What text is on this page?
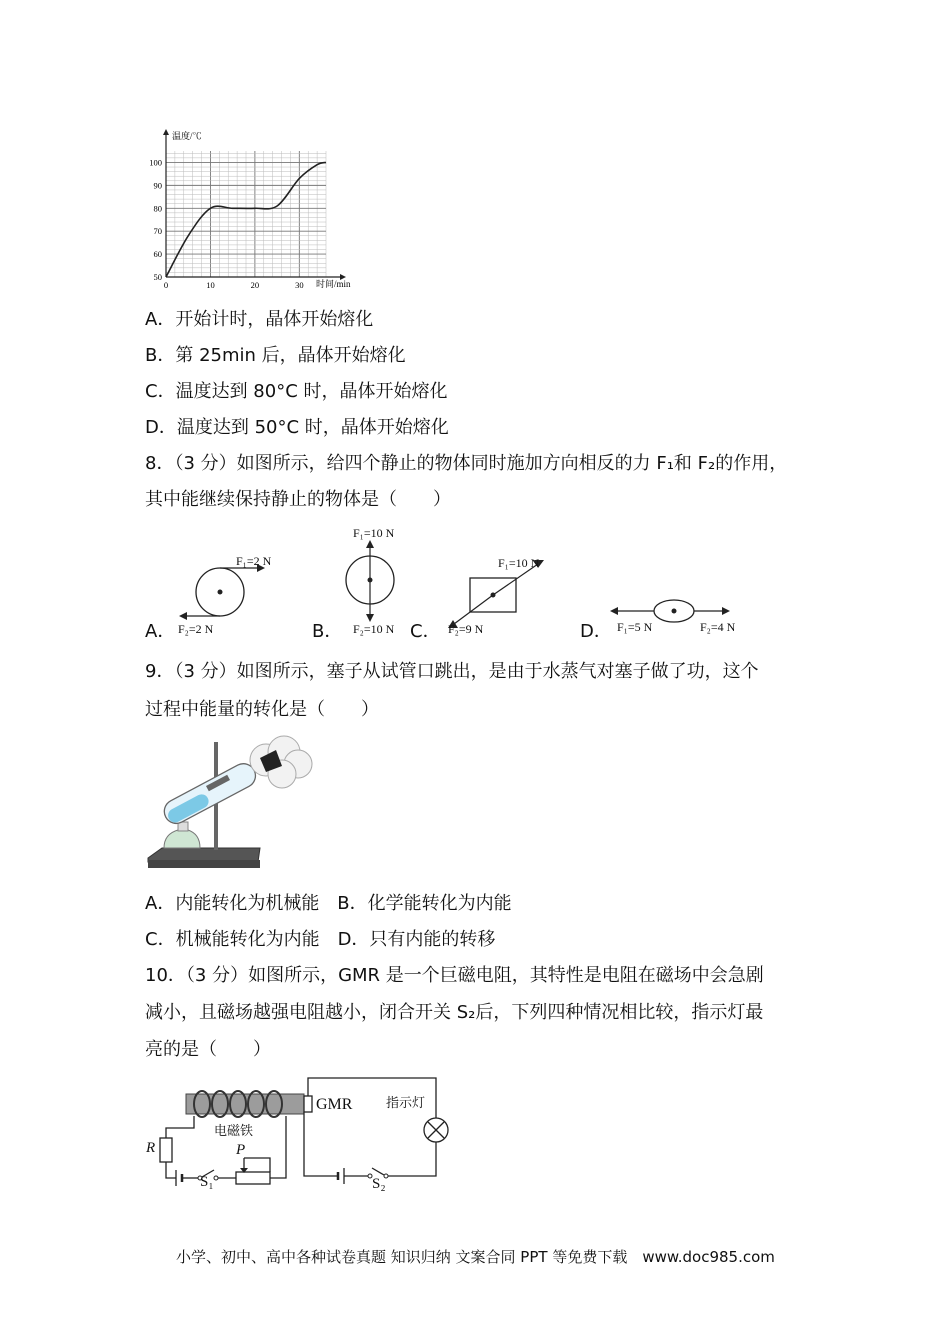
0	10	20	30
50
60
70
80
90
100
温度/℃
时间/min
A．开始计时，晶体开始熔化
B．第 25min 后，晶体开始熔化
C．温度达到 80°C 时，晶体开始熔化
D．温度达到 50°C 时，晶体开始熔化
8．（3 分）如图所示，给四个静止的物体同时施加方向相反的力 F₁和 F₂的作用，
其中能继续保持静止的物体是（　　）
A．	B．	C．	D．
F₁=2 N
F₂=2 N
F₁=10 N
F₂=10 N
F₁=10 N
F₂=9 N	F₁=5 N	F₂=4 N
9．（3 分）如图所示，塞子从试管口跳出，是由于水蒸气对塞子做了功，这个
过程中能量的转化是（　　）
A．内能转化为机械能　B．化学能转化为内能
C．机械能转化为内能　D．只有内能的转移
10．（3 分）如图所示，GMR 是一个巨磁电阻，其特性是电阻在磁场中会急剧
减小，且磁场越强电阻越小，闭合开关 S₂后，下列四种情况相比较，指示灯最
亮的是（　　）
电磁铁
GMR	指示灯
R	P
S₁	S₂
小学、初中、高中各种试卷真题 知识归纳 文案合同 PPT 等免费下载　www.doc985.com
